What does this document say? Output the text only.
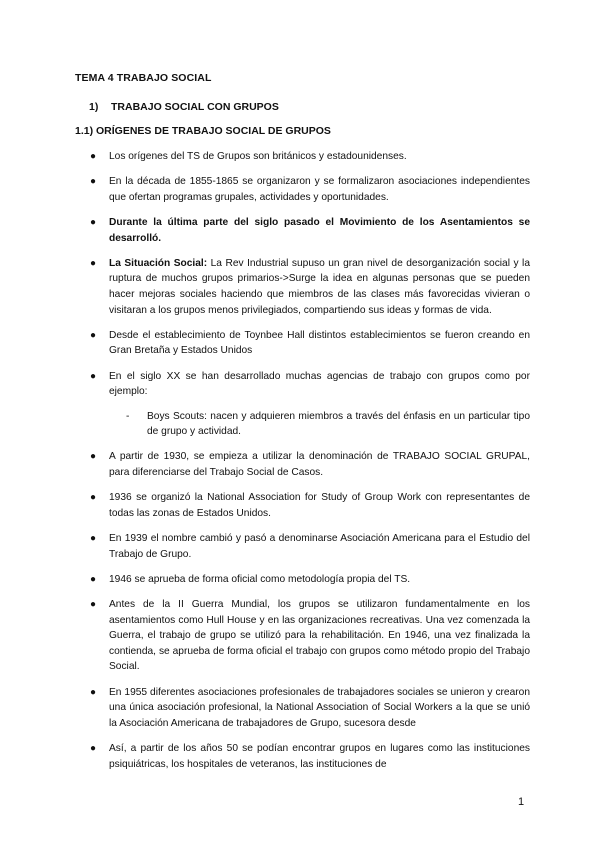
TEMA 4 TRABAJO SOCIAL
1) TRABAJO SOCIAL CON GRUPOS
1.1) ORÍGENES DE TRABAJO SOCIAL DE GRUPOS
● Los orígenes del TS de Grupos son británicos y estadounidenses.
● En la década de 1855-1865 se organizaron y se formalizaron asociaciones independientes que ofertan programas grupales, actividades y oportunidades.
● Durante la última parte del siglo pasado el Movimiento de los Asentamientos se desarrolló.
● La Situación Social: La Rev Industrial supuso un gran nivel de desorganización social y la ruptura de muchos grupos primarios->Surge la idea en algunas personas que se pueden hacer mejoras sociales haciendo que miembros de las clases más favorecidas vivieran o visitaran a los grupos menos privilegiados, compartiendo sus ideas y formas de vida.
● Desde el establecimiento de Toynbee Hall distintos establecimientos se fueron creando en Gran Bretaña y Estados Unidos
● En el siglo XX se han desarrollado muchas agencias de trabajo con grupos como por ejemplo:
- Boys Scouts: nacen y adquieren miembros a través del énfasis en un particular tipo de grupo y actividad.
● A partir de 1930, se empieza a utilizar la denominación de TRABAJO SOCIAL GRUPAL, para diferenciarse del Trabajo Social de Casos.
● 1936 se organizó la National Association for Study of Group Work con representantes de todas las zonas de Estados Unidos.
● En 1939 el nombre cambió y pasó a denominarse Asociación Americana para el Estudio del Trabajo de Grupo.
● 1946 se aprueba de forma oficial como metodología propia del TS.
● Antes de la II Guerra Mundial, los grupos se utilizaron fundamentalmente en los asentamientos como Hull House y en las organizaciones recreativas. Una vez comenzada la Guerra, el trabajo de grupo se utilizó para la rehabilitación. En 1946, una vez finalizada la contienda, se aprueba de forma oficial el trabajo con grupos como método propio del Trabajo Social.
● En 1955 diferentes asociaciones profesionales de trabajadores sociales se unieron y crearon una única asociación profesional, la National Association of Social Workers a la que se unió la Asociación Americana de trabajadores de Grupo, sucesora desde
● Así, a partir de los años 50 se podían encontrar grupos en lugares como las instituciones psiquiátricas, los hospitales de veteranos, las instituciones de
1
